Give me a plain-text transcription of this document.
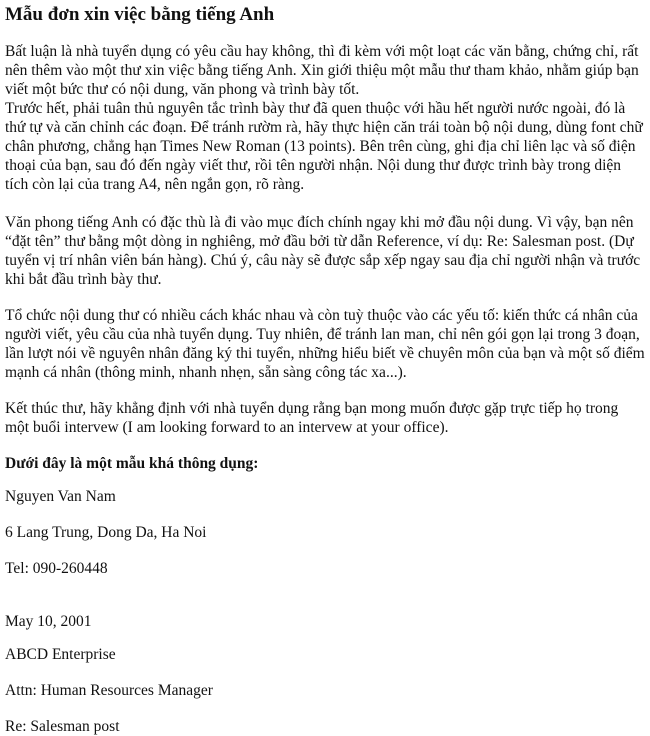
Mẫu đơn xin việc bằng tiếng Anh

Bất luận là nhà tuyển dụng có yêu cầu hay không, thì đi kèm với một loạt các văn bằng, chứng chỉ, rất nên thêm vào một thư xin việc bằng tiếng Anh. Xin giới thiệu một mẫu thư tham khảo, nhằm giúp bạn viết một bức thư có nội dung, văn phong và trình bày tốt.

Trước hết, phải tuân thủ nguyên tắc trình bày thư đã quen thuộc với hầu hết người nước ngoài, đó là thứ tự và căn chỉnh các đoạn. Để tránh rườm rà, hãy thực hiện căn trái toàn bộ nội dung, dùng font chữ chân phương, chẳng hạn Times New Roman (13 points). Bên trên cùng, ghi địa chỉ liên lạc và số điện thoại của bạn, sau đó đến ngày viết thư, rồi tên người nhận. Nội dung thư được trình bày trong diện tích còn lại của trang A4, nên ngắn gọn, rõ ràng.

Văn phong tiếng Anh có đặc thù là đi vào mục đích chính ngay khi mở đầu nội dung. Vì vậy, bạn nên “đặt tên” thư bằng một dòng in nghiêng, mở đầu bởi từ dẫn Reference, ví dụ: Re: Salesman post. (Dự tuyển vị trí nhân viên bán hàng). Chú ý, câu này sẽ được sắp xếp ngay sau địa chỉ người nhận và trước khi bắt đầu trình bày thư.

Tổ chức nội dung thư có nhiều cách khác nhau và còn tuỳ thuộc vào các yếu tố: kiến thức cá nhân của người viết, yêu cầu của nhà tuyển dụng. Tuy nhiên, để tránh lan man, chỉ nên gói gọn lại trong 3 đoạn, lần lượt nói về nguyên nhân đăng ký thi tuyển, những hiểu biết về chuyên môn của bạn và một số điểm mạnh cá nhân (thông minh, nhanh nhẹn, sẵn sàng công tác xa...).

Kết thúc thư, hãy khẳng định với nhà tuyển dụng rằng bạn mong muốn được gặp trực tiếp họ trong một buổi intervew (I am looking forward to an intervew at your office).

Dưới đây là một mẫu khá thông dụng:

Nguyen Van Nam

6 Lang Trung, Dong Da, Ha Noi

Tel: 090-260448

May 10, 2001

ABCD Enterprise

Attn: Human Resources Manager

Re: Salesman post
